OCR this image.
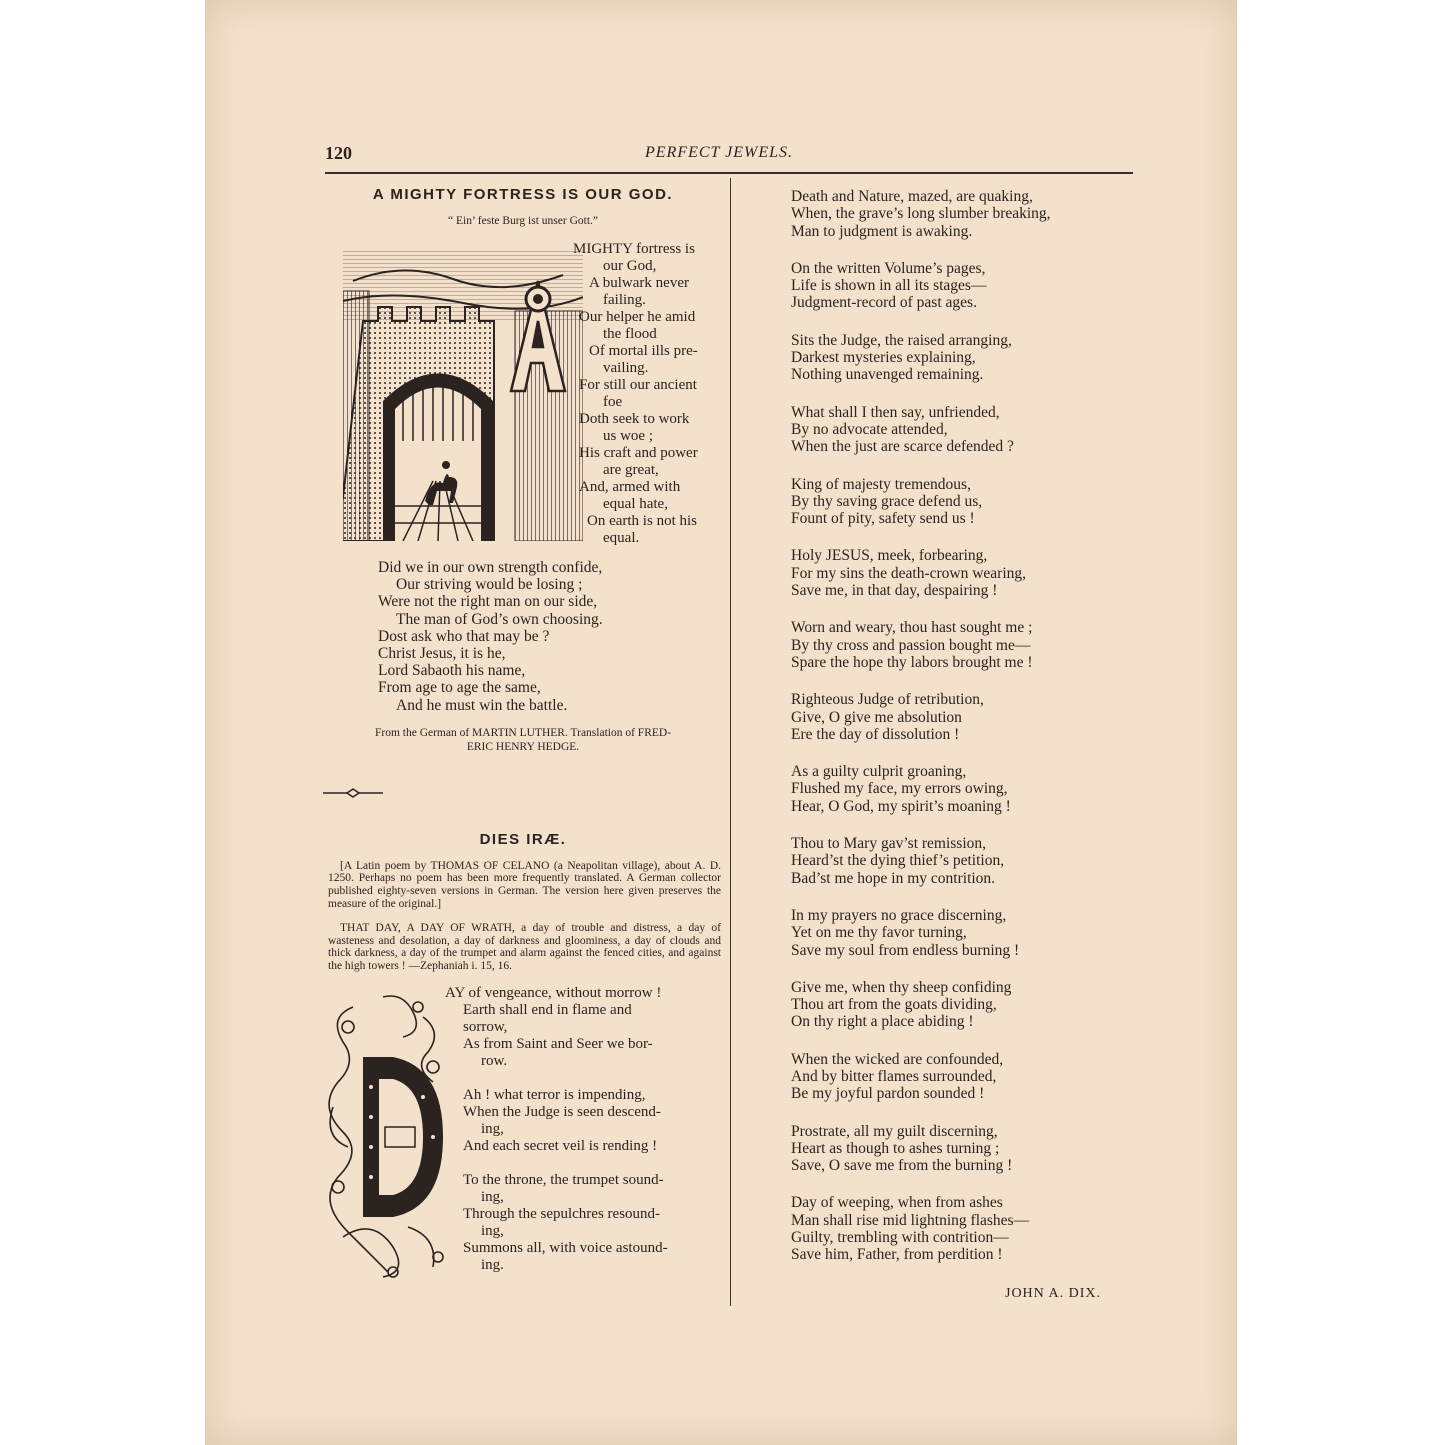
120	PERFECT JEWELS.
A MIGHTY FORTRESS IS OUR GOD.
“ Ein’ feste Burg ist unser Gott.”
MIGHTY fortress is
our God,
A bulwark never
failing.
Our helper he amid
the flood
Of mortal ills pre-
vailing.
For still our ancient
foe
Doth seek to work
us woe ;
His craft and power
are great,
And, armed with
equal hate,
On earth is not his
equal.
Did we in our own strength confide,
Our striving would be losing ;
Were not the right man on our side,
The man of God’s own choosing.
Dost ask who that may be ?
Christ Jesus, it is he,
Lord Sabaoth his name,
From age to age the same,
And he must win the battle.
From the German of MARTIN LUTHER. Translation of FRED-
ERIC HENRY HEDGE.
DIES IRÆ.
[A Latin poem by THOMAS OF CELANO (a Neapolitan village), about A. D. 1250. Perhaps no poem has been more frequently translated. A German collector published eighty-seven versions in German. The version here given preserves the measure of the original.]
THAT DAY, A DAY OF WRATH, a day of trouble and distress, a day of wasteness and desolation, a day of darkness and gloominess, a day of clouds and thick darkness, a day of the trumpet and alarm against the fenced cities, and against the high towers ! —Zephaniah i. 15, 16.
AY of vengeance, without morrow !
Earth shall end in flame and
sorrow,
As from Saint and Seer we bor-
row.
Ah ! what terror is impending,
When the Judge is seen descend-
ing,
And each secret veil is rending !
To the throne, the trumpet sound-
ing,
Through the sepulchres resound-
ing,
Summons all, with voice astound-
ing.
Death and Nature, mazed, are quaking,
When, the grave’s long slumber breaking,
Man to judgment is awaking.
On the written Volume’s pages,
Life is shown in all its stages—
Judgment-record of past ages.
Sits the Judge, the raised arranging,
Darkest mysteries explaining,
Nothing unavenged remaining.
What shall I then say, unfriended,
By no advocate attended,
When the just are scarce defended ?
King of majesty tremendous,
By thy saving grace defend us,
Fount of pity, safety send us !
Holy JESUS, meek, forbearing,
For my sins the death-crown wearing,
Save me, in that day, despairing !
Worn and weary, thou hast sought me ;
By thy cross and passion bought me—
Spare the hope thy labors brought me !
Righteous Judge of retribution,
Give, O give me absolution
Ere the day of dissolution !
As a guilty culprit groaning,
Flushed my face, my errors owing,
Hear, O God, my spirit’s moaning !
Thou to Mary gav’st remission,
Heard’st the dying thief’s petition,
Bad’st me hope in my contrition.
In my prayers no grace discerning,
Yet on me thy favor turning,
Save my soul from endless burning !
Give me, when thy sheep confiding
Thou art from the goats dividing,
On thy right a place abiding !
When the wicked are confounded,
And by bitter flames surrounded,
Be my joyful pardon sounded !
Prostrate, all my guilt discerning,
Heart as though to ashes turning ;
Save, O save me from the burning !
Day of weeping, when from ashes
Man shall rise mid lightning flashes—
Guilty, trembling with contrition—
Save him, Father, from perdition !
JOHN A. DIX.
